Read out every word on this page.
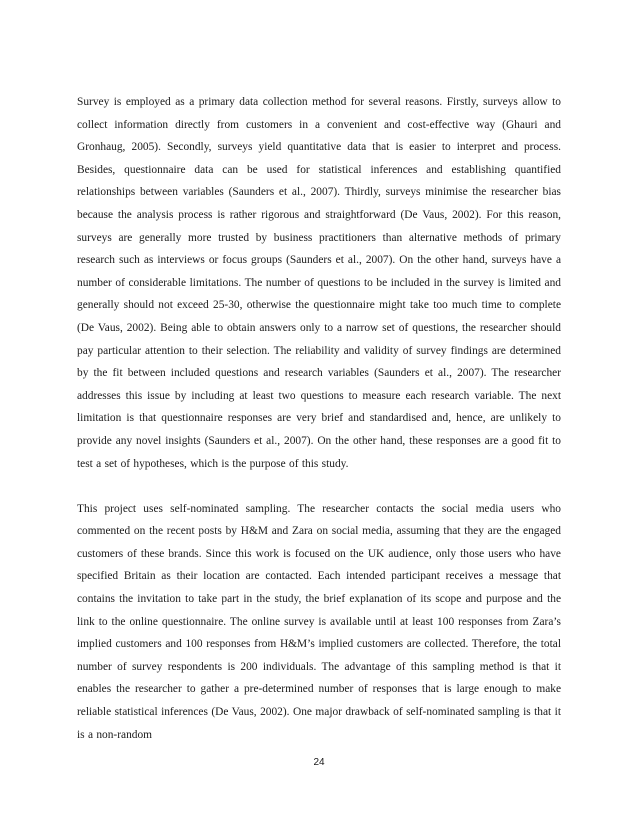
Survey is employed as a primary data collection method for several reasons. Firstly, surveys allow to collect information directly from customers in a convenient and cost-effective way (Ghauri and Gronhaug, 2005). Secondly, surveys yield quantitative data that is easier to interpret and process. Besides, questionnaire data can be used for statistical inferences and establishing quantified relationships between variables (Saunders et al., 2007). Thirdly, surveys minimise the researcher bias because the analysis process is rather rigorous and straightforward (De Vaus, 2002). For this reason, surveys are generally more trusted by business practitioners than alternative methods of primary research such as interviews or focus groups (Saunders et al., 2007). On the other hand, surveys have a number of considerable limitations. The number of questions to be included in the survey is limited and generally should not exceed 25-30, otherwise the questionnaire might take too much time to complete (De Vaus, 2002). Being able to obtain answers only to a narrow set of questions, the researcher should pay particular attention to their selection. The reliability and validity of survey findings are determined by the fit between included questions and research variables (Saunders et al., 2007). The researcher addresses this issue by including at least two questions to measure each research variable. The next limitation is that questionnaire responses are very brief and standardised and, hence, are unlikely to provide any novel insights (Saunders et al., 2007). On the other hand, these responses are a good fit to test a set of hypotheses, which is the purpose of this study.

This project uses self-nominated sampling. The researcher contacts the social media users who commented on the recent posts by H&M and Zara on social media, assuming that they are the engaged customers of these brands. Since this work is focused on the UK audience, only those users who have specified Britain as their location are contacted. Each intended participant receives a message that contains the invitation to take part in the study, the brief explanation of its scope and purpose and the link to the online questionnaire. The online survey is available until at least 100 responses from Zara’s implied customers and 100 responses from H&M’s implied customers are collected. Therefore, the total number of survey respondents is 200 individuals. The advantage of this sampling method is that it enables the researcher to gather a pre-determined number of responses that is large enough to make reliable statistical inferences (De Vaus, 2002). One major drawback of self-nominated sampling is that it is a non-random

24
